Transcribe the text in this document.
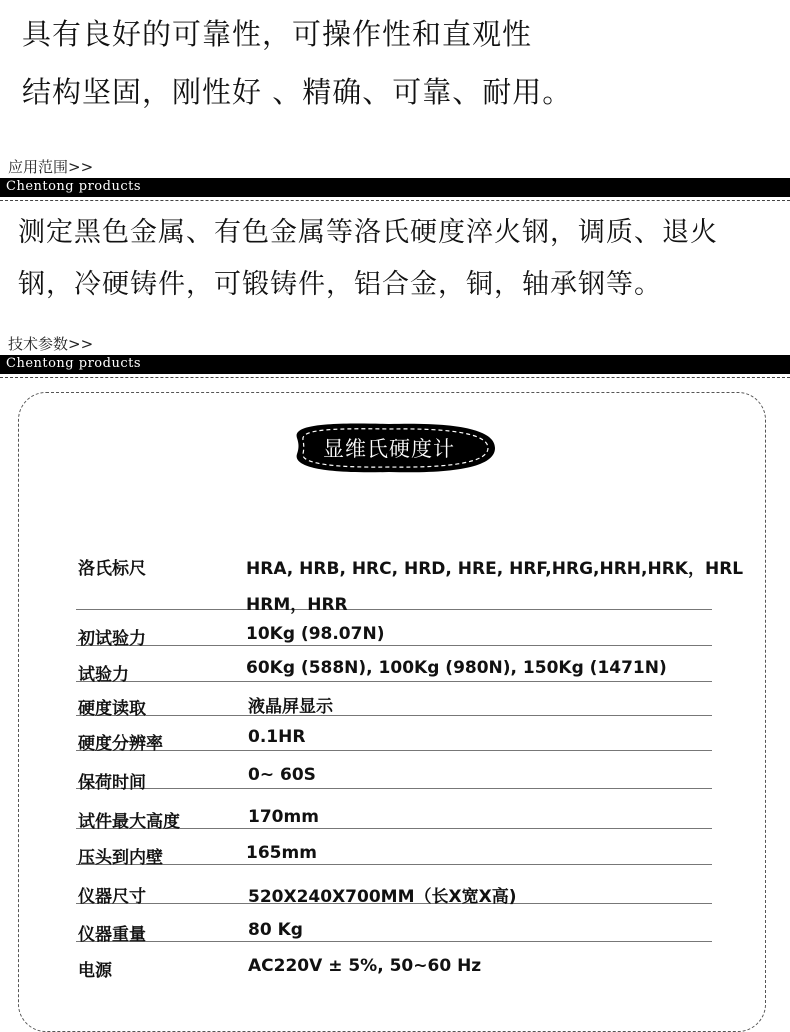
具有良好的可靠性，可操作性和直观性
结构坚固，刚性好 、精确、可靠、耐用。
应用范围>>
Chentong products
测定黑色金属、有色金属等洛氏硬度淬火钢，调质、退火
钢，冷硬铸件，可锻铸件，铝合金，铜，轴承钢等。
技术参数>>
Chentong products
显维氏硬度计
洛氏标尺	HRA, HRB, HRC, HRD, HRE, HRF,HRG,HRH,HRK，HRL
HRM，HRR
初试验力	10Kg (98.07N)
试验力	60Kg (588N), 100Kg (980N), 150Kg (1471N)
硬度读取	液晶屏显示
硬度分辨率	0.1HR
保荷时间	0~ 60S
试件最大高度	170mm
压头到内壁	165mm
仪器尺寸	520X240X700MM（长X宽X高)
仪器重量	80 Kg
电源	AC220V ± 5%, 50~60 Hz
